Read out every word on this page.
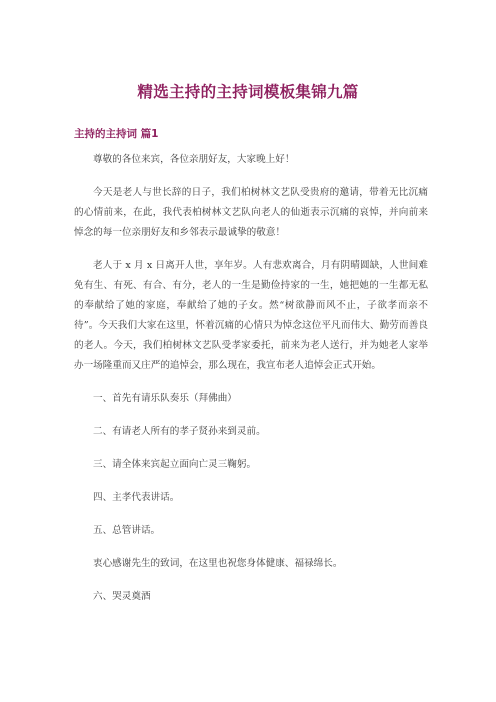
精选主持的主持词模板集锦九篇
主持的主持词 篇1

尊敬的各位来宾，各位亲朋好友，大家晚上好！

今天是老人与世长辞的日子，我们柏树林文艺队受贵府的邀请，带着无比沉痛的心情前来，在此，我代表柏树林文艺队向老人的仙逝表示沉痛的哀悼，并向前来悼念的每一位亲朋好友和乡邻表示最诚挚的敬意！

老人于 x 月 x 日离开人世，享年岁。人有悲欢离合，月有阴晴圆缺，人世间难免有生、有死、有合、有分，老人的一生是勤俭持家的一生，她把她的一生都无私的奉献给了她的家庭，奉献给了她的子女。然“树欲静而风不止，子欲孝而亲不待”。今天我们大家在这里，怀着沉痛的心情只为悼念这位平凡而伟大、勤劳而善良的老人。今天，我们柏树林文艺队受孝家委托，前来为老人送行，并为她老人家举办一场隆重而又庄严的追悼会，那么现在，我宣布老人追悼会正式开始。

一、首先有请乐队奏乐（拜佛曲）

二、有请老人所有的孝子贤孙来到灵前。

三、请全体来宾起立面向亡灵三鞠躬。

四、主孝代表讲话。

五、总管讲话。

衷心感谢先生的致词，在这里也祝您身体健康、福禄绵长。

六、哭灵奠酒
